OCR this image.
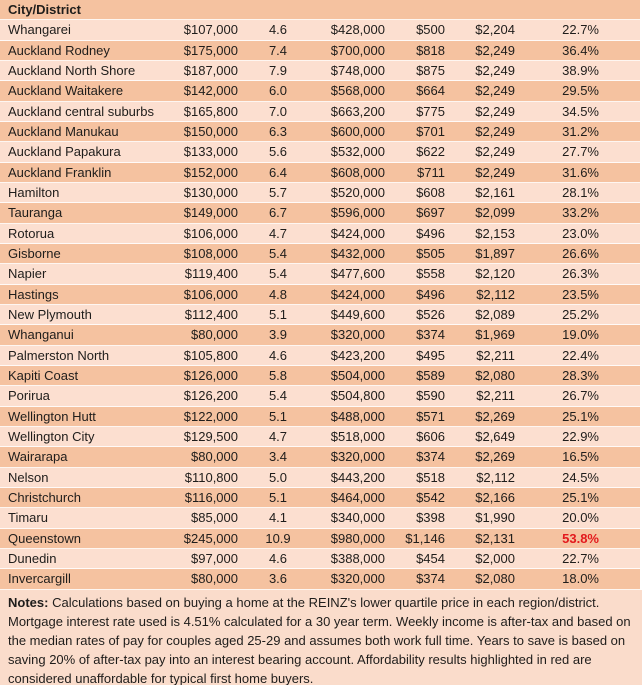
City/District
Whangarei	$107,000	4.6	$428,000	$500	$2,204	22.7%
Auckland Rodney	$175,000	7.4	$700,000	$818	$2,249	36.4%
Auckland North Shore	$187,000	7.9	$748,000	$875	$2,249	38.9%
Auckland Waitakere	$142,000	6.0	$568,000	$664	$2,249	29.5%
Auckland central suburbs	$165,800	7.0	$663,200	$775	$2,249	34.5%
Auckland Manukau	$150,000	6.3	$600,000	$701	$2,249	31.2%
Auckland Papakura	$133,000	5.6	$532,000	$622	$2,249	27.7%
Auckland Franklin	$152,000	6.4	$608,000	$711	$2,249	31.6%
Hamilton	$130,000	5.7	$520,000	$608	$2,161	28.1%
Tauranga	$149,000	6.7	$596,000	$697	$2,099	33.2%
Rotorua	$106,000	4.7	$424,000	$496	$2,153	23.0%
Gisborne	$108,000	5.4	$432,000	$505	$1,897	26.6%
Napier	$119,400	5.4	$477,600	$558	$2,120	26.3%
Hastings	$106,000	4.8	$424,000	$496	$2,112	23.5%
New Plymouth	$112,400	5.1	$449,600	$526	$2,089	25.2%
Whanganui	$80,000	3.9	$320,000	$374	$1,969	19.0%
Palmerston North	$105,800	4.6	$423,200	$495	$2,211	22.4%
Kapiti Coast	$126,000	5.8	$504,000	$589	$2,080	28.3%
Porirua	$126,200	5.4	$504,800	$590	$2,211	26.7%
Wellington Hutt	$122,000	5.1	$488,000	$571	$2,269	25.1%
Wellington City	$129,500	4.7	$518,000	$606	$2,649	22.9%
Wairarapa	$80,000	3.4	$320,000	$374	$2,269	16.5%
Nelson	$110,800	5.0	$443,200	$518	$2,112	24.5%
Christchurch	$116,000	5.1	$464,000	$542	$2,166	25.1%
Timaru	$85,000	4.1	$340,000	$398	$1,990	20.0%
Queenstown	$245,000	10.9	$980,000	$1,146	$2,131	53.8%
Dunedin	$97,000	4.6	$388,000	$454	$2,000	22.7%
Invercargill	$80,000	3.6	$320,000	$374	$2,080	18.0%
Notes: Calculations based on buying a home at the REINZ's lower quartile price in each region/district. Mortgage interest rate used is 4.51% calculated for a 30 year term. Weekly income is after-tax and based on the median rates of pay for couples aged 25-29 and assumes both work full time. Years to save is based on saving 20% of after-tax pay into an interest bearing account. Affordability results highlighted in red are considered unaffordable for typical first home buyers.
